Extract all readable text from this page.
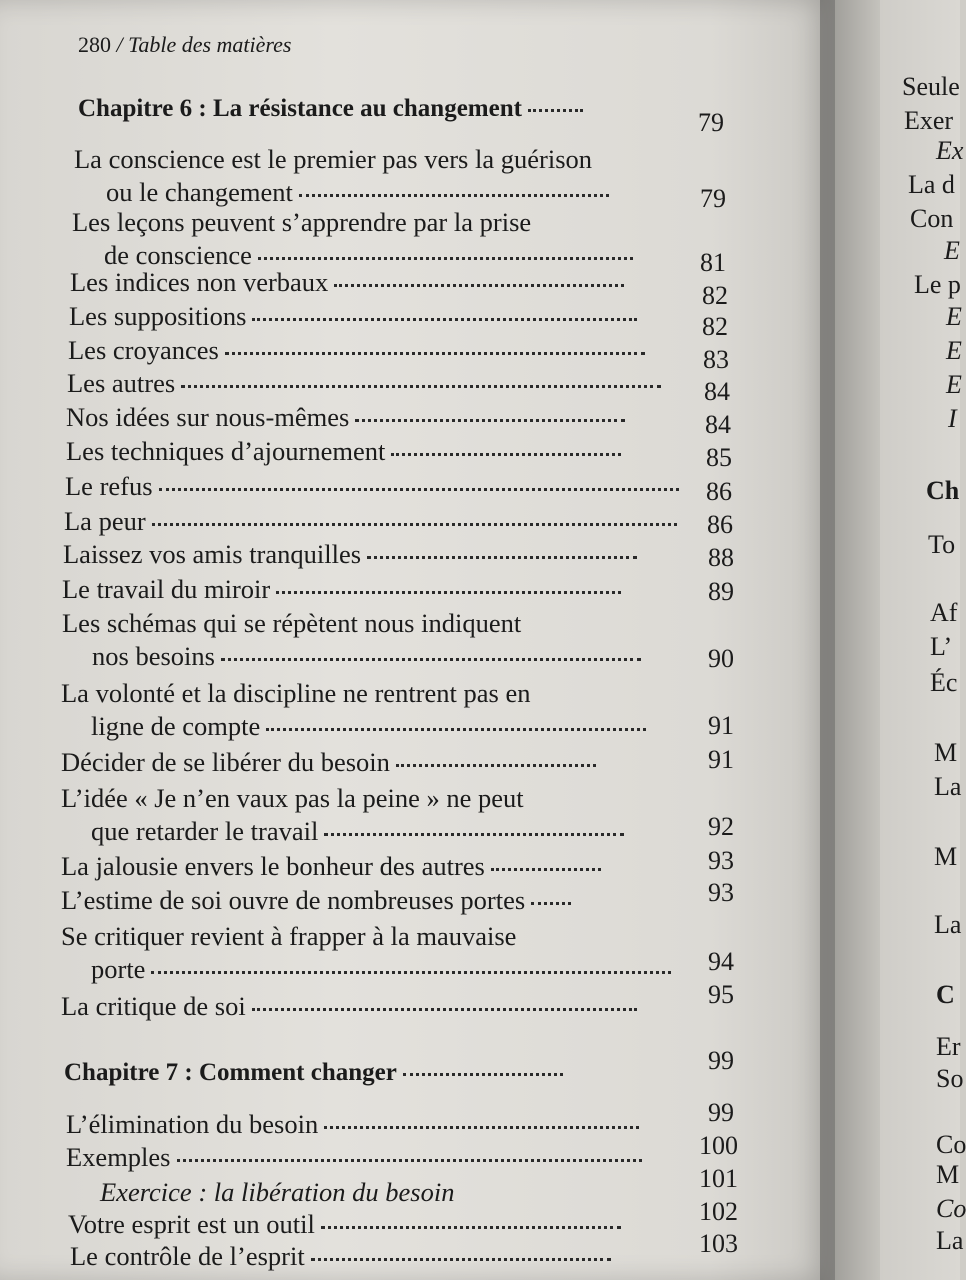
280 / Table des matières
Chapitre 6 : La résistance au changement	79
La conscience est le premier pas vers la guérison
ou le changement	79
Les leçons peuvent s’apprendre par la prise
de conscience	81
Les indices non verbaux	82
Les suppositions	82
Les croyances	83
Les autres	84
Nos idées sur nous-mêmes	84
Les techniques d’ajournement	85
Le refus	86
La peur	86
Laissez vos amis tranquilles	88
Le travail du miroir	89
Les schémas qui se répètent nous indiquent
nos besoins	90
La volonté et la discipline ne rentrent pas en
ligne de compte	91
Décider de se libérer du besoin	91
L’idée « Je n’en vaux pas la peine » ne peut
que retarder le travail	92
La jalousie envers le bonheur des autres	93
L’estime de soi ouvre de nombreuses portes	93
Se critiquer revient à frapper à la mauvaise
porte	94
La critique de soi	95
Chapitre 7 : Comment changer	99
L’élimination du besoin	99
Exemples	100
Exercice : la libération du besoin	101
Votre esprit est un outil	102
Le contrôle de l’esprit	103
Seule
Exer
Ex
La d
Con
E
Le p
E
E
E
I
Ch
To
Af
L’
Éc
M
La
M
La
C
Er
So
Co
M
Co
La
